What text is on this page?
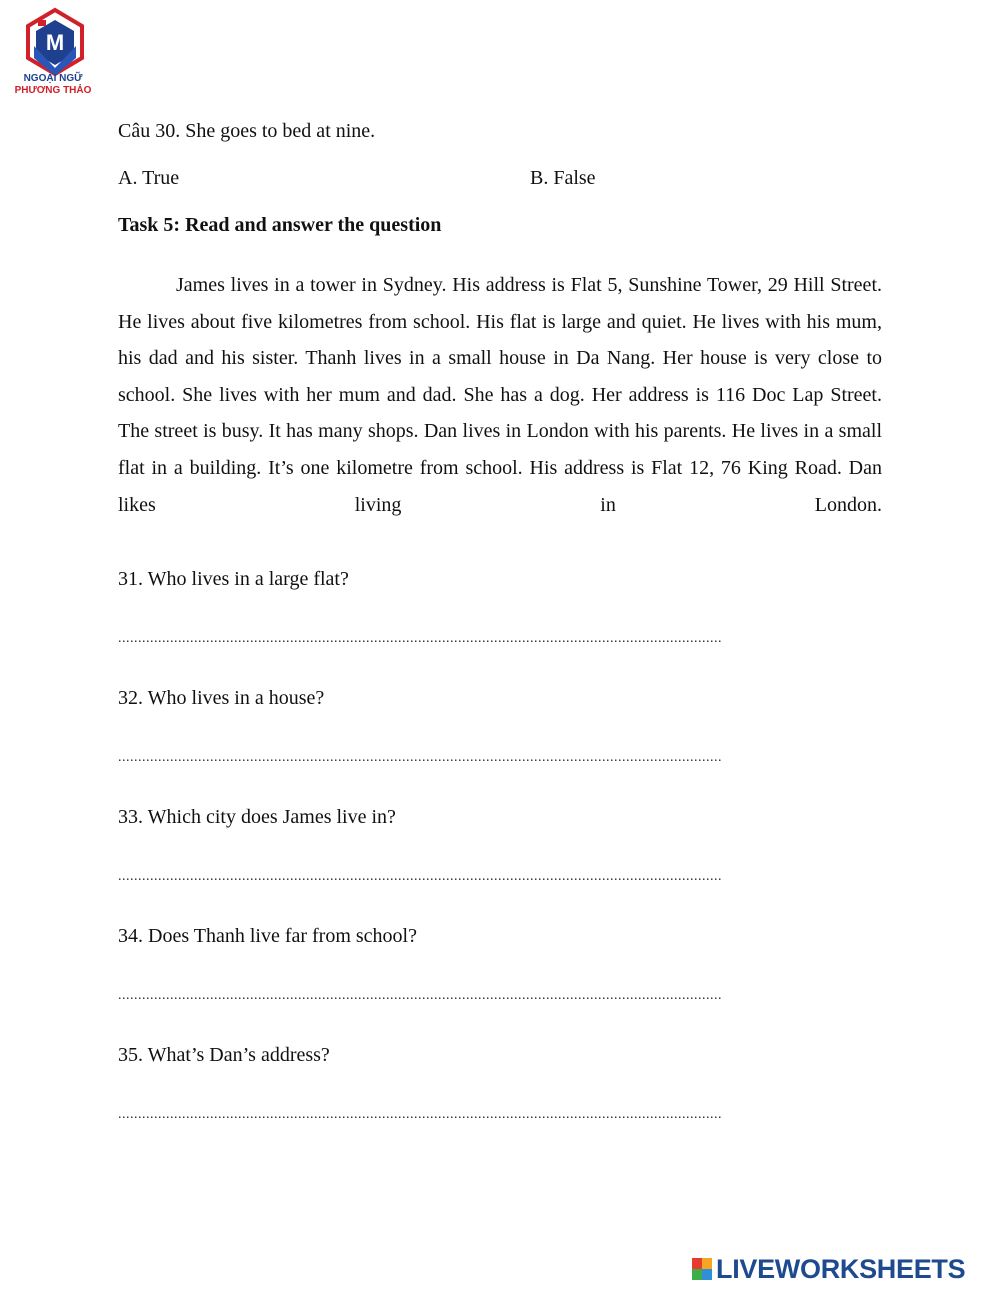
M
NGOẠI NGỮ
PHƯƠNG THẢO
Câu 30. She goes to bed at nine.
A. True	B. False
Task 5: Read and answer the question

James lives in a tower in Sydney. His address is Flat 5, Sunshine Tower, 29 Hill Street. He lives about five kilometres from school. His flat is large and quiet. He lives with his mum, his dad and his sister. Thanh lives in a small house in Da Nang. Her house is very close to school. She lives with her mum and dad. She has a dog. Her address is 116 Doc Lap Street. The street is busy. It has many shops. Dan lives in London with his parents. He lives in a small flat in a building. It’s one kilometre from school. His address is Flat 12, 76 King Road. Dan likes living in London.

31. Who lives in a large flat?
.......................................................................................................................................................
32. Who lives in a house?
.......................................................................................................................................................
33. Which city does James live in?
.......................................................................................................................................................
34. Does Thanh live far from school?
.......................................................................................................................................................
35. What’s Dan’s address?
.......................................................................................................................................................
LIVEWORKSHEETS
